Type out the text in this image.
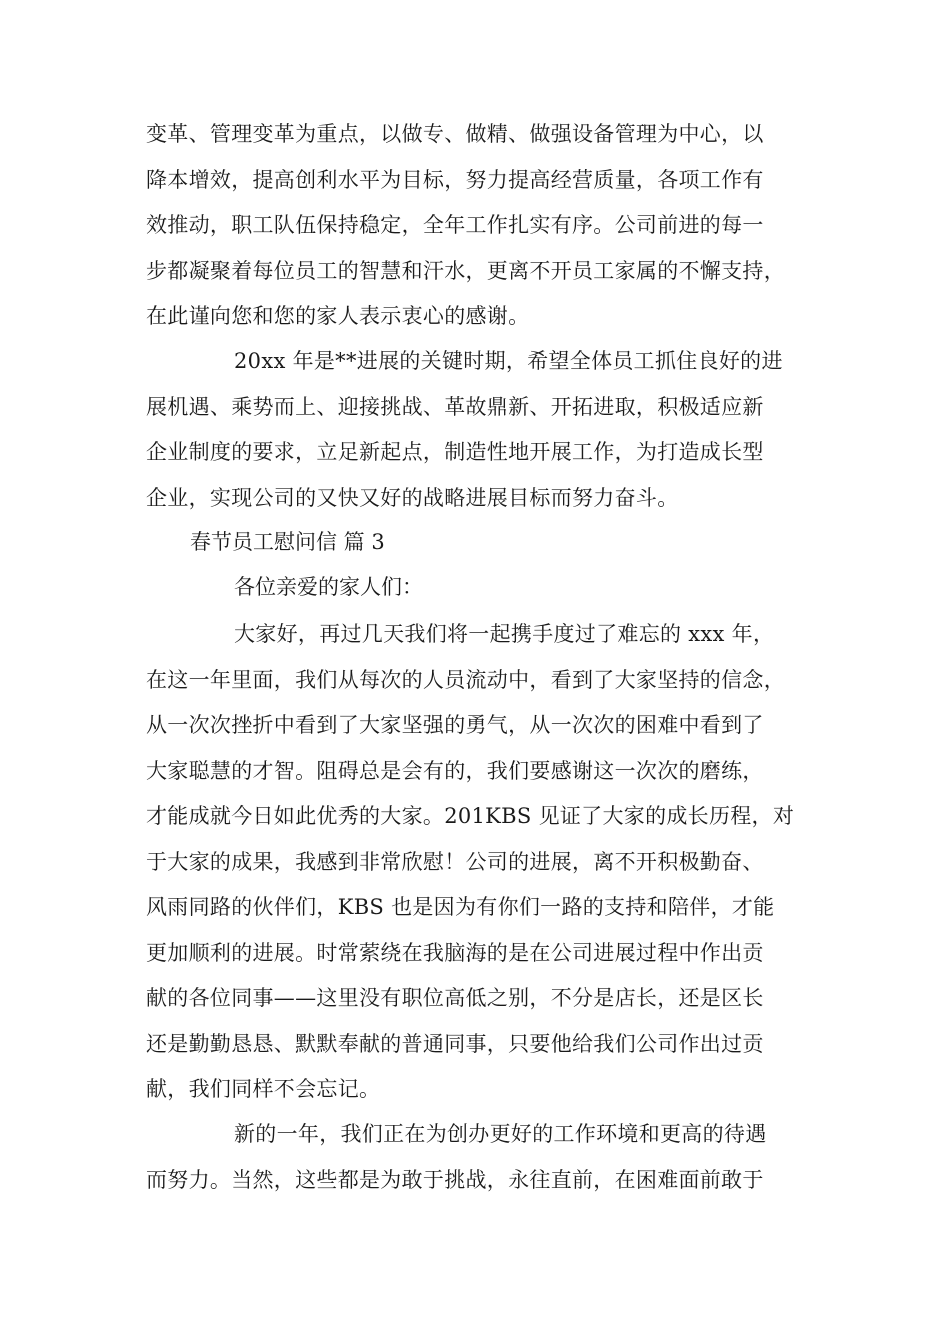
变革、管理变革为重点，以做专、做精、做强设备管理为中心，以
降本增效，提高创利水平为目标，努力提高经营质量，各项工作有
效推动，职工队伍保持稳定，全年工作扎实有序。公司前进的每一
步都凝聚着每位员工的智慧和汗水，更离不开员工家属的不懈支持，
在此谨向您和您的家人表示衷心的感谢。
20xx 年是**进展的关键时期，希望全体员工抓住良好的进
展机遇、乘势而上、迎接挑战、革故鼎新、开拓进取，积极适应新
企业制度的要求，立足新起点，制造性地开展工作，为打造成长型
企业，实现公司的又快又好的战略进展目标而努力奋斗。

春节员工慰问信 篇 3

各位亲爱的家人们：

大家好，再过几天我们将一起携手度过了难忘的 xxx 年，
在这一年里面，我们从每次的人员流动中，看到了大家坚持的信念，
从一次次挫折中看到了大家坚强的勇气，从一次次的困难中看到了
大家聪慧的才智。阻碍总是会有的，我们要感谢这一次次的磨练，
才能成就今日如此优秀的大家。201KBS 见证了大家的成长历程，对
于大家的成果，我感到非常欣慰！公司的进展，离不开积极勤奋、
风雨同路的伙伴们，KBS 也是因为有你们一路的支持和陪伴，才能
更加顺利的进展。时常萦绕在我脑海的是在公司进展过程中作出贡
献的各位同事——这里没有职位高低之别，不分是店长，还是区长
还是勤勤恳恳、默默奉献的普通同事，只要他给我们公司作出过贡
献，我们同样不会忘记。
新的一年，我们正在为创办更好的工作环境和更高的待遇
而努力。当然，这些都是为敢于挑战，永往直前，在困难面前敢于
